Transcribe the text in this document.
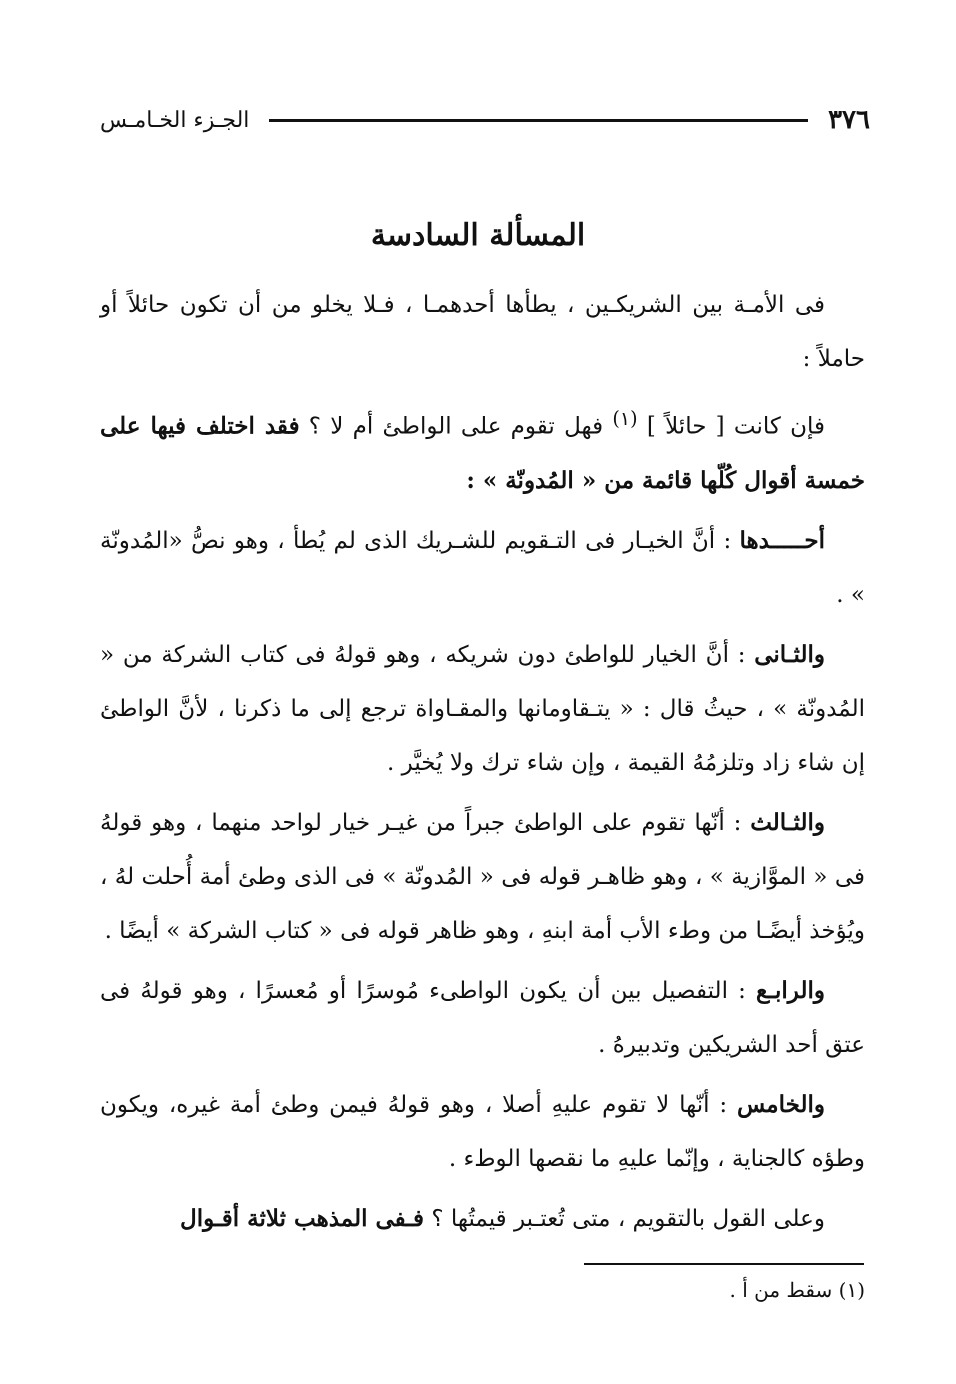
٣٧٦
الجـزء الخـامـس
المسألة السادسة

فى الأمـة بين الشريكـين ، يطأها أحدهمـا ، فـلا يخلو من أن تكون حائلاً أو حاملاً :

فإن كانت [ حائلاً ] $^{(١)}$ فهل تقوم على الواطئ أم لا ؟ فقد اختلف فيها على خمسة أقوال كُلّها قائمة من « المُدونّة » :

أحـــــدها : أنَّ الخيـار فى التـقويم للشـريك الذى لم يُطأ ، وهو نصُّ «المُدونّة » .

والثـانى : أنَّ الخيار للواطئ دون شريكه ، وهو قولهُ فى كتاب الشركة من « المُدونّة » ، حيثُ قال : « يتـقاومانها والمقـاواة ترجع إلى ما ذكرنا ، لأنَّ الواطئ إن شاء زاد وتلزمُهُ القيمة ، وإن شاء ترك ولا يُخيَّر .

والثـالث : أنّها تقوم على الواطئ جبراً من غيـر خيار لواحد منهما ، وهو قولهُ فى « الموَّازية » ، وهو ظاهـر قوله فى « المُدونّة » فى الذى وطئ أمة أُحلت لهُ ، ويُؤخذ أيضًـا من وطء الأب أمة ابنهِ ، وهو ظاهر قوله فى « كتاب الشركة » أيضًا .

والرابـع : التفصيل بين أن يكون الواطىء مُوسرًا أو مُعسرًا ، وهو قولهُ فى عتق أحد الشريكين وتدبيرهُُ .

والخامس : أنّها لا تقوم عليهِ أصلا ، وهو قولهُ فيمن وطئ أمة غيره، ويكون وطؤه كالجناية ، وإنّما عليهِ ما نقصها الوطء .

وعلى القول بالتقويم ، متى تُعتـبر قيمتُها ؟ فـفى المذهب ثلاثة أقـوال

(١) سقط من أ .
